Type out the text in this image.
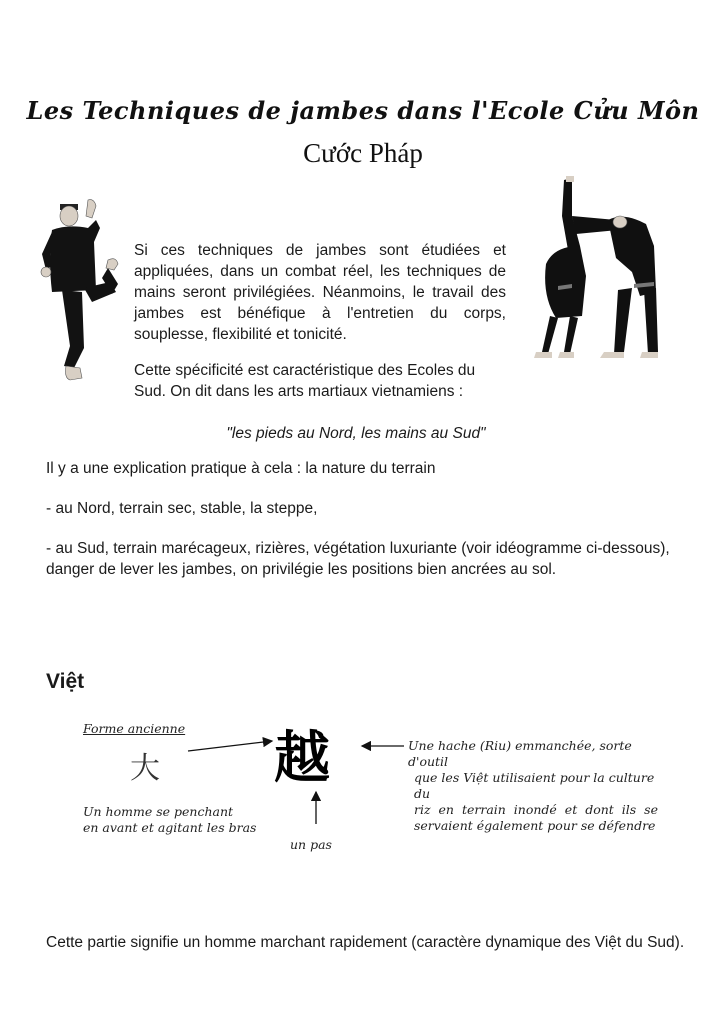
Les Techniques de jambes dans l'Ecole Cửu Môn
Cước Pháp
Si ces techniques de jambes sont étudiées et appliquées, dans un combat réel, les techniques de mains seront privilégiées. Néanmoins, le travail des jambes est bénéfique à l'entretien du corps, souplesse, flexibilité et tonicité.
Cette spécificité est caractéristique des Ecoles du Sud. On dit dans les arts martiaux vietnamiens :
"les pieds au Nord, les mains au Sud"
Il y a une explication pratique à cela : la nature du terrain
- au Nord, terrain sec, stable, la steppe,
- au Sud, terrain marécageux, rizières, végétation luxuriante (voir idéogramme ci-dessous), danger de lever les jambes, on privilégie les positions bien ancrées au sol.
Việt
Forme ancienne
大 越	Une hache (Riu) emmanchée, sorte d'outil
que les Việt utilisaient pour la culture du
riz en terrain inondé et dont ils se
servaient également pour se défendre
Un homme se penchant
en avant et agitant les bras
un pas
Cette partie signifie un homme marchant rapidement (caractère dynamique des Việt du Sud).
